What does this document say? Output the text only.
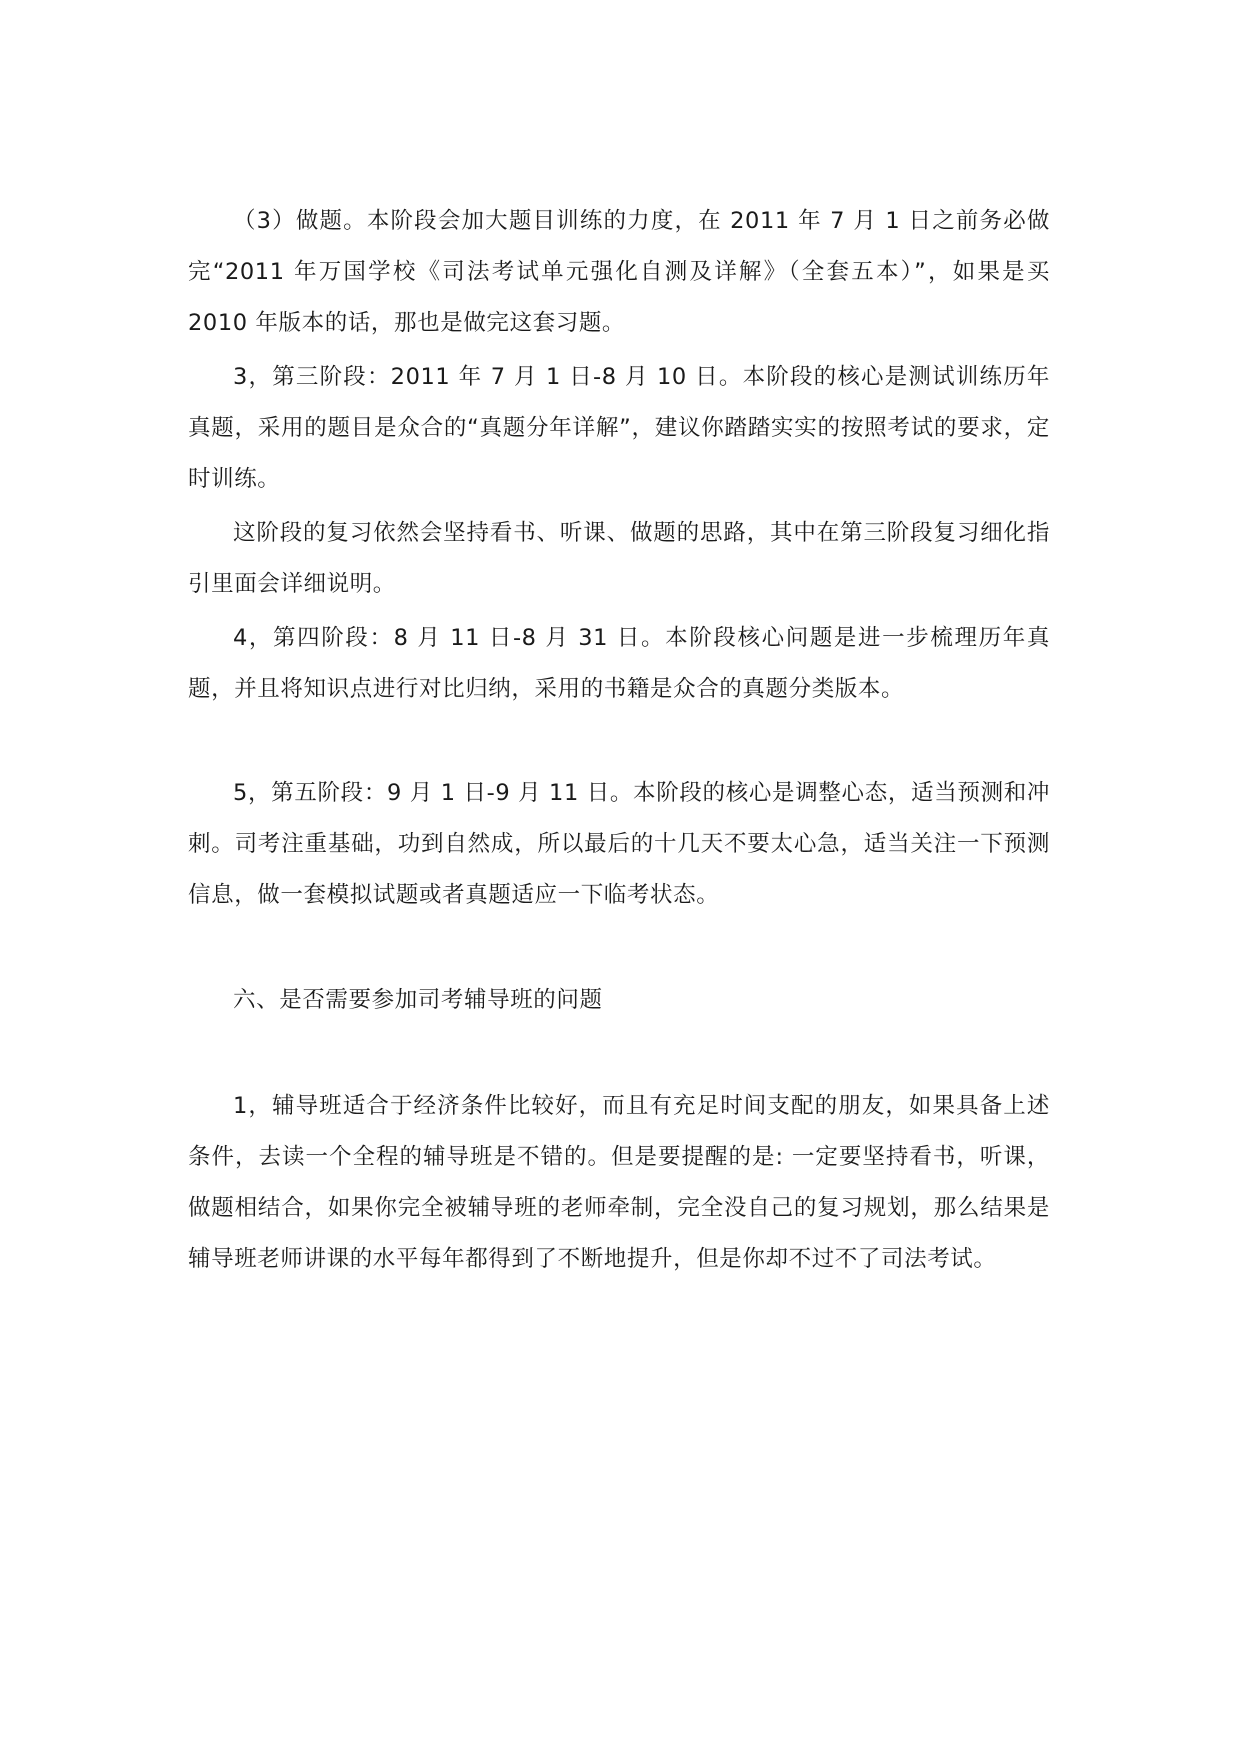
（3）做题。本阶段会加大题目训练的力度，在 2011 年 7 月 1 日之前务必做完“2011 年万国学校《司法考试单元强化自测及详解》（全套五本）”，如果是买 2010 年版本的话，那也是做完这套习题。

3，第三阶段：2011 年 7 月 1 日-8 月 10 日。本阶段的核心是测试训练历年真题，采用的题目是众合的“真题分年详解”，建议你踏踏实实的按照考试的要求，定时训练。

这阶段的复习依然会坚持看书、听课、做题的思路，其中在第三阶段复习细化指引里面会详细说明。

4，第四阶段：8 月 11 日-8 月 31 日。本阶段核心问题是进一步梳理历年真题，并且将知识点进行对比归纳，采用的书籍是众合的真题分类版本。

5，第五阶段：9 月 1 日-9 月 11 日。本阶段的核心是调整心态，适当预测和冲刺。司考注重基础，功到自然成，所以最后的十几天不要太心急，适当关注一下预测信息，做一套模拟试题或者真题适应一下临考状态。

六、是否需要参加司考辅导班的问题

1，辅导班适合于经济条件比较好，而且有充足时间支配的朋友，如果具备上述条件，去读一个全程的辅导班是不错的。但是要提醒的是: 一定要坚持看书，听课，做题相结合，如果你完全被辅导班的老师牵制，完全没自己的复习规划，那么结果是辅导班老师讲课的水平每年都得到了不断地提升，但是你却不过不了司法考试。
